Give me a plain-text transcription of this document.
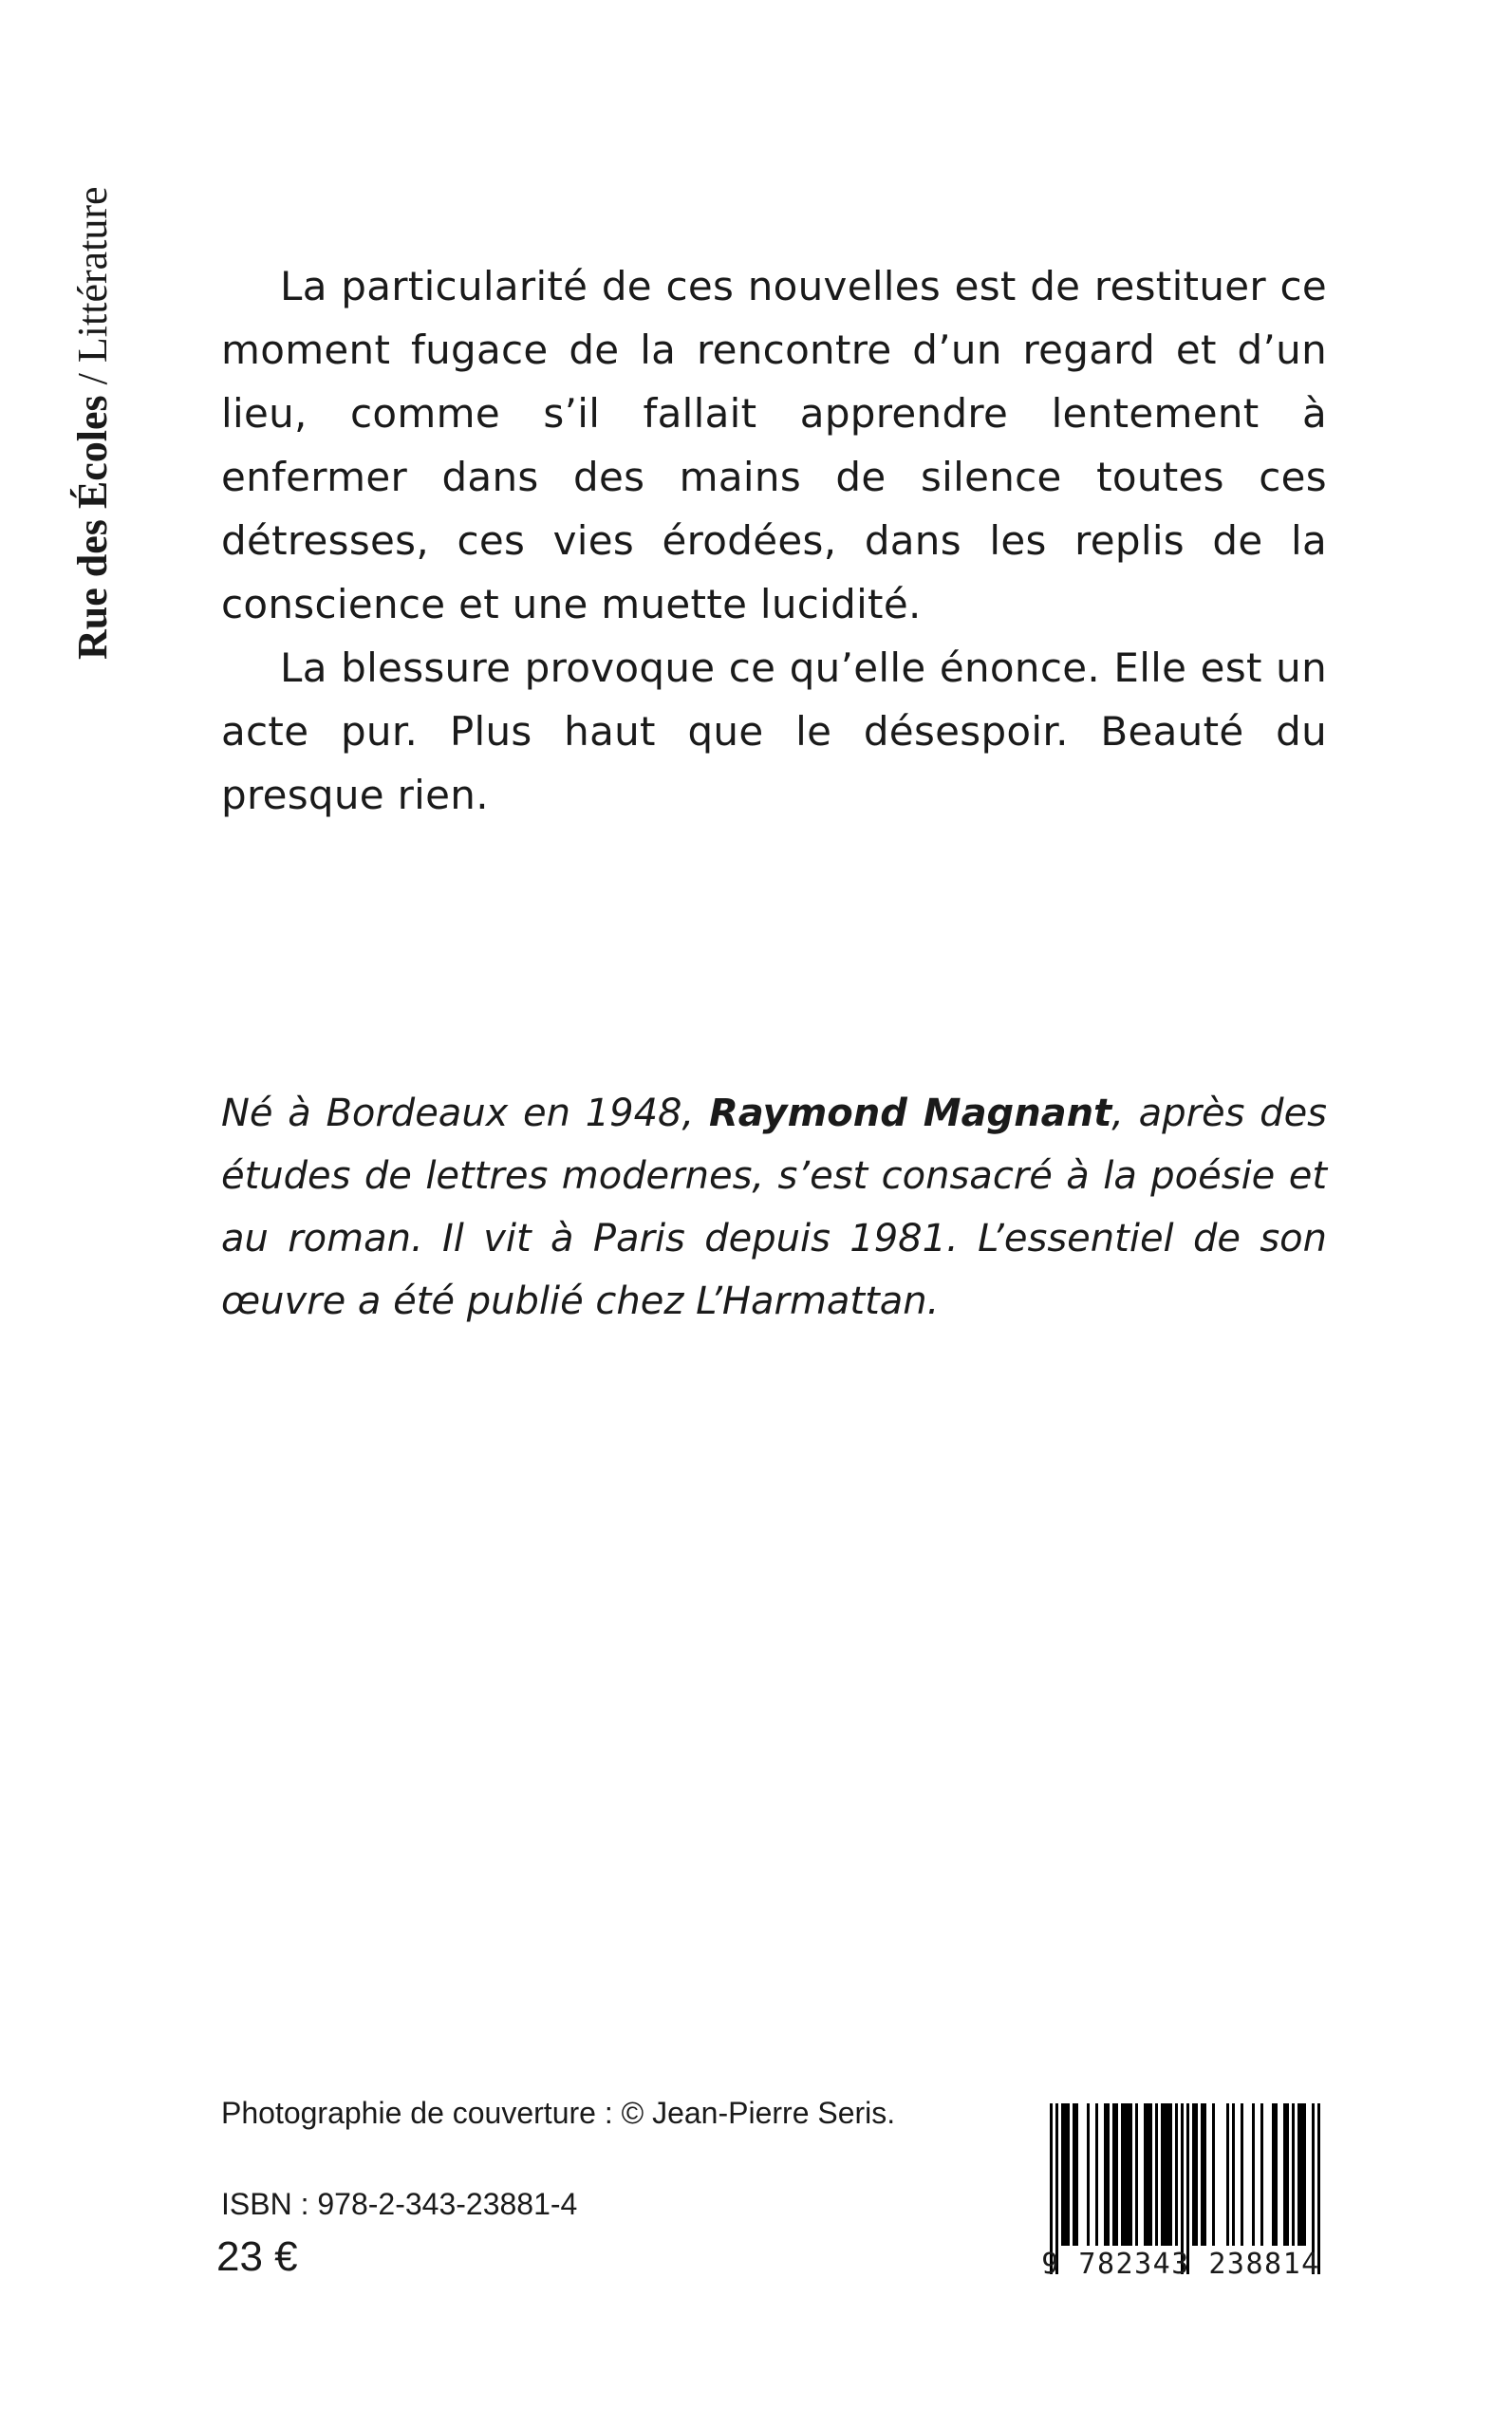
Rue des Écoles / Littérature	La particularité de ces nouvelles est de restituer ce moment fugace de la rencontre d’un regard et d’un lieu, comme s’il fallait apprendre lentement à enfermer dans des mains de silence toutes ces détresses, ces vies érodées, dans les replis de la conscience et une muette lucidité.

La blessure provoque ce qu’elle énonce. Elle est un acte pur. Plus haut que le désespoir. Beauté du presque rien.

Né à Bordeaux en 1948, Raymond Magnant, après des études de lettres modernes, s’est consacré à la poésie et au roman. Il vit à Paris depuis 1981. L’essentiel de son œuvre a été publié chez L’Harmattan.
Photographie de couverture : © Jean-Pierre Seris.
ISBN : 978-2-343-23881-4
23 €	9 782343 238814
